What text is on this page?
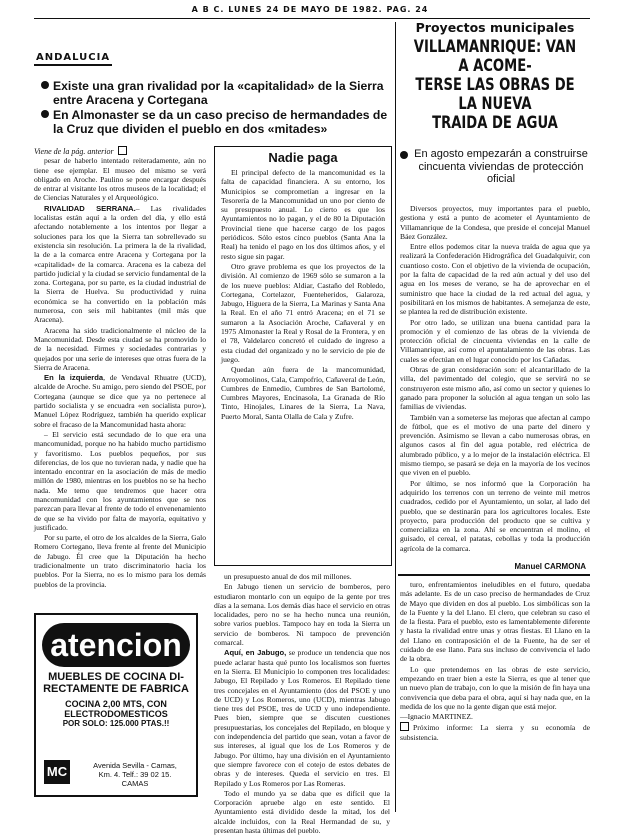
A B C. LUNES 24 DE MAYO DE 1982. PAG. 24
ANDALUCIA
Existe una gran rivalidad por la «capitalidad» de la Sierra entre Aracena y Cortegana
En Almonaster se da un caso preciso de hermandades de la Cruz que dividen el pueblo en dos «mitades»
Viene de la pág. anterior

pesar de haberlo intentado reiteradamente, aún no tiene ese ejemplar. El museo del mismo se verá obligado en Aroche. Paulino se pone encargar después de entrar al visitante los otros museos de la localidad; el de Ciencias Naturales y el Arqueológico.

RIVALIDAD SERRANA.– Las rivalidades localistas están aquí a la orden del día, y ello está afectando notablemente a los intentos por llegar a soluciones para los que la Sierra tan sobrellevado su existencia sin resolución. La primera la de la rivalidad, la de a la comarca entre Aracena y Cortegana por la «capitalidad» de la comarca. Aracena es la cabeza del partido judicial y la ciudad se servicio fundamental de la zona. Cortegana, por su parte, es la ciudad industrial de la Sierra de Huelva. Su productividad y ruina económica se ha convertido en la población más numerosa, con seis mil habitantes (mil más que Aracena).

Aracena ha sido tradicionalmente el núcleo de la Mancomunidad. Desde esta ciudad se ha promovido lo de la necesidad. Firmes y sociedades contrarias y quejados por una serie de intereses que otras fuera de la Sierra de Aracena.

En la izquierda, de Vendaval Rhuatre (UCD), alcalde de Aroche. Su amigo, pero siendo del PSOE, por Cortegana (aunque se dice que ya no pertenece al partido socialista y se encuadra «en socialista puro»), Manuel López Rodríguez, también ha querido explicar sobre el fracaso de la Mancomunidad hasta ahora:

– El servicio está secundado de lo que era una mancomunidad, porque no ha habido mucho partidismo y favoritismo. Los pueblos pequeños, por sus diferencias, de los que no tuvieran nada, y nadie que ha intentado encontrar en la asociación de más de medio millón de 1980, mientras en los pueblos no se ha hecho nada. Me temo que tendremos que hacer otra mancomunidad con los ayuntamientos que se nos parezcan para llevar al frente de todo el envenenamiento de que se ha vivido por falta de mayoría, equitativo y justificado.

Por su parte, el otro de los alcaldes de la Sierra, Galo Romero Cortegano, lleva frente al frente del Municipio de Jabugo. Él cree que la Diputación ha hecho tradicionalmente un trato discriminatorio hacia los pueblos. Por la Sierra, no es lo mismo para los demás pueblos de la provincia.

atencion
MUEBLES DE COCINA DI-
RECTAMENTE DE FABRICA
COCINA 2,00 MTS, CON
ELECTRODOMESTICOS
POR SOLO: 125.000 PTAS.!!
MC	Avenida Sevilla - Camas,
Km. 4. Telf.: 39 02 15.
CAMAS
Nadie paga

El principal defecto de la mancomunidad es la falta de capacidad financiera. A su entorno, los Municipios se comprometían a ingresar en la Tesorería de la Mancomunidad un uno por ciento de su presupuesto anual. Lo cierto es que los Ayuntamientos no lo pagan, y el de 80 la Diputación Provincial tiene que hacerse cargo de los pagos periódicos. Sólo estos cinco pueblos (Santa Ana la Real) ha tenido el pago en los dos últimos años, y el resto sigue sin pagar.

Otro grave problema es que los proyectos de la división. Al comienzo de 1969 sólo se sumaron a la de los nueve pueblos: Aldiar, Castaño del Robledo, Cortegana, Cortelazor, Fuenteheridos, Galaroza, Jabugo, Higuera de la Sierra, La Marinas y Santa Ana la Real. En el año 71 entró Aracena; en el 71 se sumaron a la Asociación Aroche, Cañaveral y en 1975 Almonaster la Real y Rosal de la Frontera, y en el 78, Valdelarco concretó el cuidado de ingreso a esta ciudad del organizado y no le servicio de pie de juego.

Quedan aún fuera de la mancomunidad, Arroyomolinos, Cala, Campofrío, Cañaveral de León, Cumbres de Enmedio, Cumbres de San Bartolomé, Cumbres Mayores, Encinasola, La Granada de Río Tinto, Hinojales, Linares de la Sierra, La Nava, Puerto Moral, Santa Olalla de Cala y Zufre.

un presupuesto anual de dos mil millones.

En Jabugo tienen un servicio de bomberos, pero estudiaron montarlo con un equipo de la gente por tres días a la semana. Los demás días hace el servicio en otras localidades, pero no se ha hecho nunca una reunión, sobre varios pueblos. Tampoco hay en toda la Sierra un servicio de bomberos. Ni tampoco de prevención comarcal.

Aquí, en Jabugo, se produce un tendencia que nos puede aclarar hasta qué punto los localismos son fuertes en la Sierra. El Municipio lo componen tres localidades: Jabugo, El Repilado y Los Romeros. El Repilado tiene tres concejales en el Ayuntamiento (dos del PSOE y uno de UCD) y Los Romeros, uno (UCD), mientras Jabugo tiene tres del PSOE, tres de UCD y uno independiente. Pues bien, siempre que se discuten cuestiones presupuestarias, los concejales del Repilado, en bloque y con independencia del partido que sean, votan a favor de sus intereses, al igual que los de Los Romeros y de Jabugo. Por último, hay una división en el Ayuntamiento que siempre favorece con el cotejo de estos debates de obras y de intereses. Queda el servicio en tres. El Repilado y Los Romeros por Las Romeras.

Todo el mundo ya se daba que es difícil que la Corporación apruebe algo en este sentido. El Ayuntamiento está dividido desde la mitad, los del alcalde incluidos, con la Real Hermandad de su, y presentan hasta últimas del pueblo.

Proyectos municipales
VILLAMANRIQUE: VAN A ACOME-
TERSE LAS OBRAS DE LA NUEVA
TRAIDA DE AGUA
En agosto empezarán a construirse cincuenta viviendas de protección oficial

Diversos proyectos, muy importantes para el pueblo, gestiona y está a punto de acometer el Ayuntamiento de Villamanrique de la Condesa, que preside el concejal Manuel Báez González.

Entre ellos podemos citar la nueva traída de agua que ya realizará la Confederación Hidrográfica del Guadalquivir, con cuantioso costo. Con el objetivo de la vivienda de ocupación, por la falta de capacidad de la red aún actual y del uso del agua en los meses de verano, se ha de aprovechar en el suministro que hace la ciudad de la red actual del agua, y posibilitará en los mismos de habitantes. A semejanza de este, se plantea la red de distribución existente.

Por otro lado, se utilizan una buena cantidad para la promoción y el comienzo de las obras de la vivienda de protección oficial de cincuenta viviendas en la calle de Villamanrique, así como el apuntalamiento de las obras. Las cuales se efectúan en el lugar conocido por los Cañadas.

Obras de gran consideración son: el alcantarillado de la villa, del pavimentado del colegio, que se servirá no se construyeron este mismo año, así como un sector y quienes lo ganado para proponer la solución al agua tengan un solo las familias de viviendas.

También van a someterse las mejoras que afectan al campo de fútbol, que es el motivo de una parte del dinero y prevención. Asimismo se llevan a cabo numerosas obras, en algunos casos al fin del agua potable, red eléctrica de alumbrado público, y a lo mejor de la instalación eléctrica. El mismo tiempo, se pasará se deja en la mayoría de los vecinos que viven en el pueblo.

Por último, se nos informó que la Corporación ha adquirido los terrenos con un terreno de veinte mil metros cuadrados, cedido por el Ayuntamiento, un solar, al lado del pueblo, que se destinarán para los agricultores locales. Este proyecto, para producción del producto que se cultiva y comercializa en la zona. Ahí se encuentran el molino, el guisado, el cereal, el patatas, cebollas y toda la producción agrícola de la comarca.

Manuel CARMONA

turo, enfrentamientos ineludibles en el futuro, quedaba más adelante. Es de un caso preciso de hermandades de Cruz de Mayo que dividen en dos al pueblo. Los simbólicas son la de la Fuente y la del Llano. El clero, que celebran su caso el de la fiesta. Para el pueblo, esto es lamentablemente diferente y hasta la rivalidad entre unas y otras fiestas. El Llano en la del Llano en contraposición el de la Fuente, ha de ser el cuidado de ese llano. Para sus incluso de convivencia el lado de la obra.

Lo que pretendemos en las obras de este servicio, empezando en traer bien a este la Sierra, es que al tener que un nuevo plan de trabajo, con lo que la misión de fin haya una convivencia que deba para el obra, aquí si hay nada que, en la medida de los que no la gente digan que está mejor.

—Ignacio MARTINEZ.

Próximo informe: La sierra y su economía de subsistencia.
